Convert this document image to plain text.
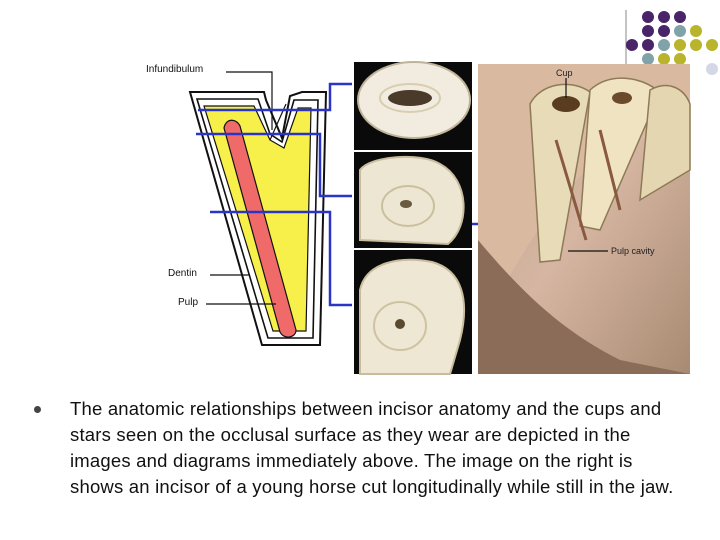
Infundibulum
Dentin
Pulp
Cup
Pulp cavity
The anatomic relationships between incisor anatomy and the cups and stars seen on the occlusal surface as they wear are depicted in the images and diagrams immediately above. The image on the right is shows an incisor of a young horse cut longitudinally while still in the jaw.
